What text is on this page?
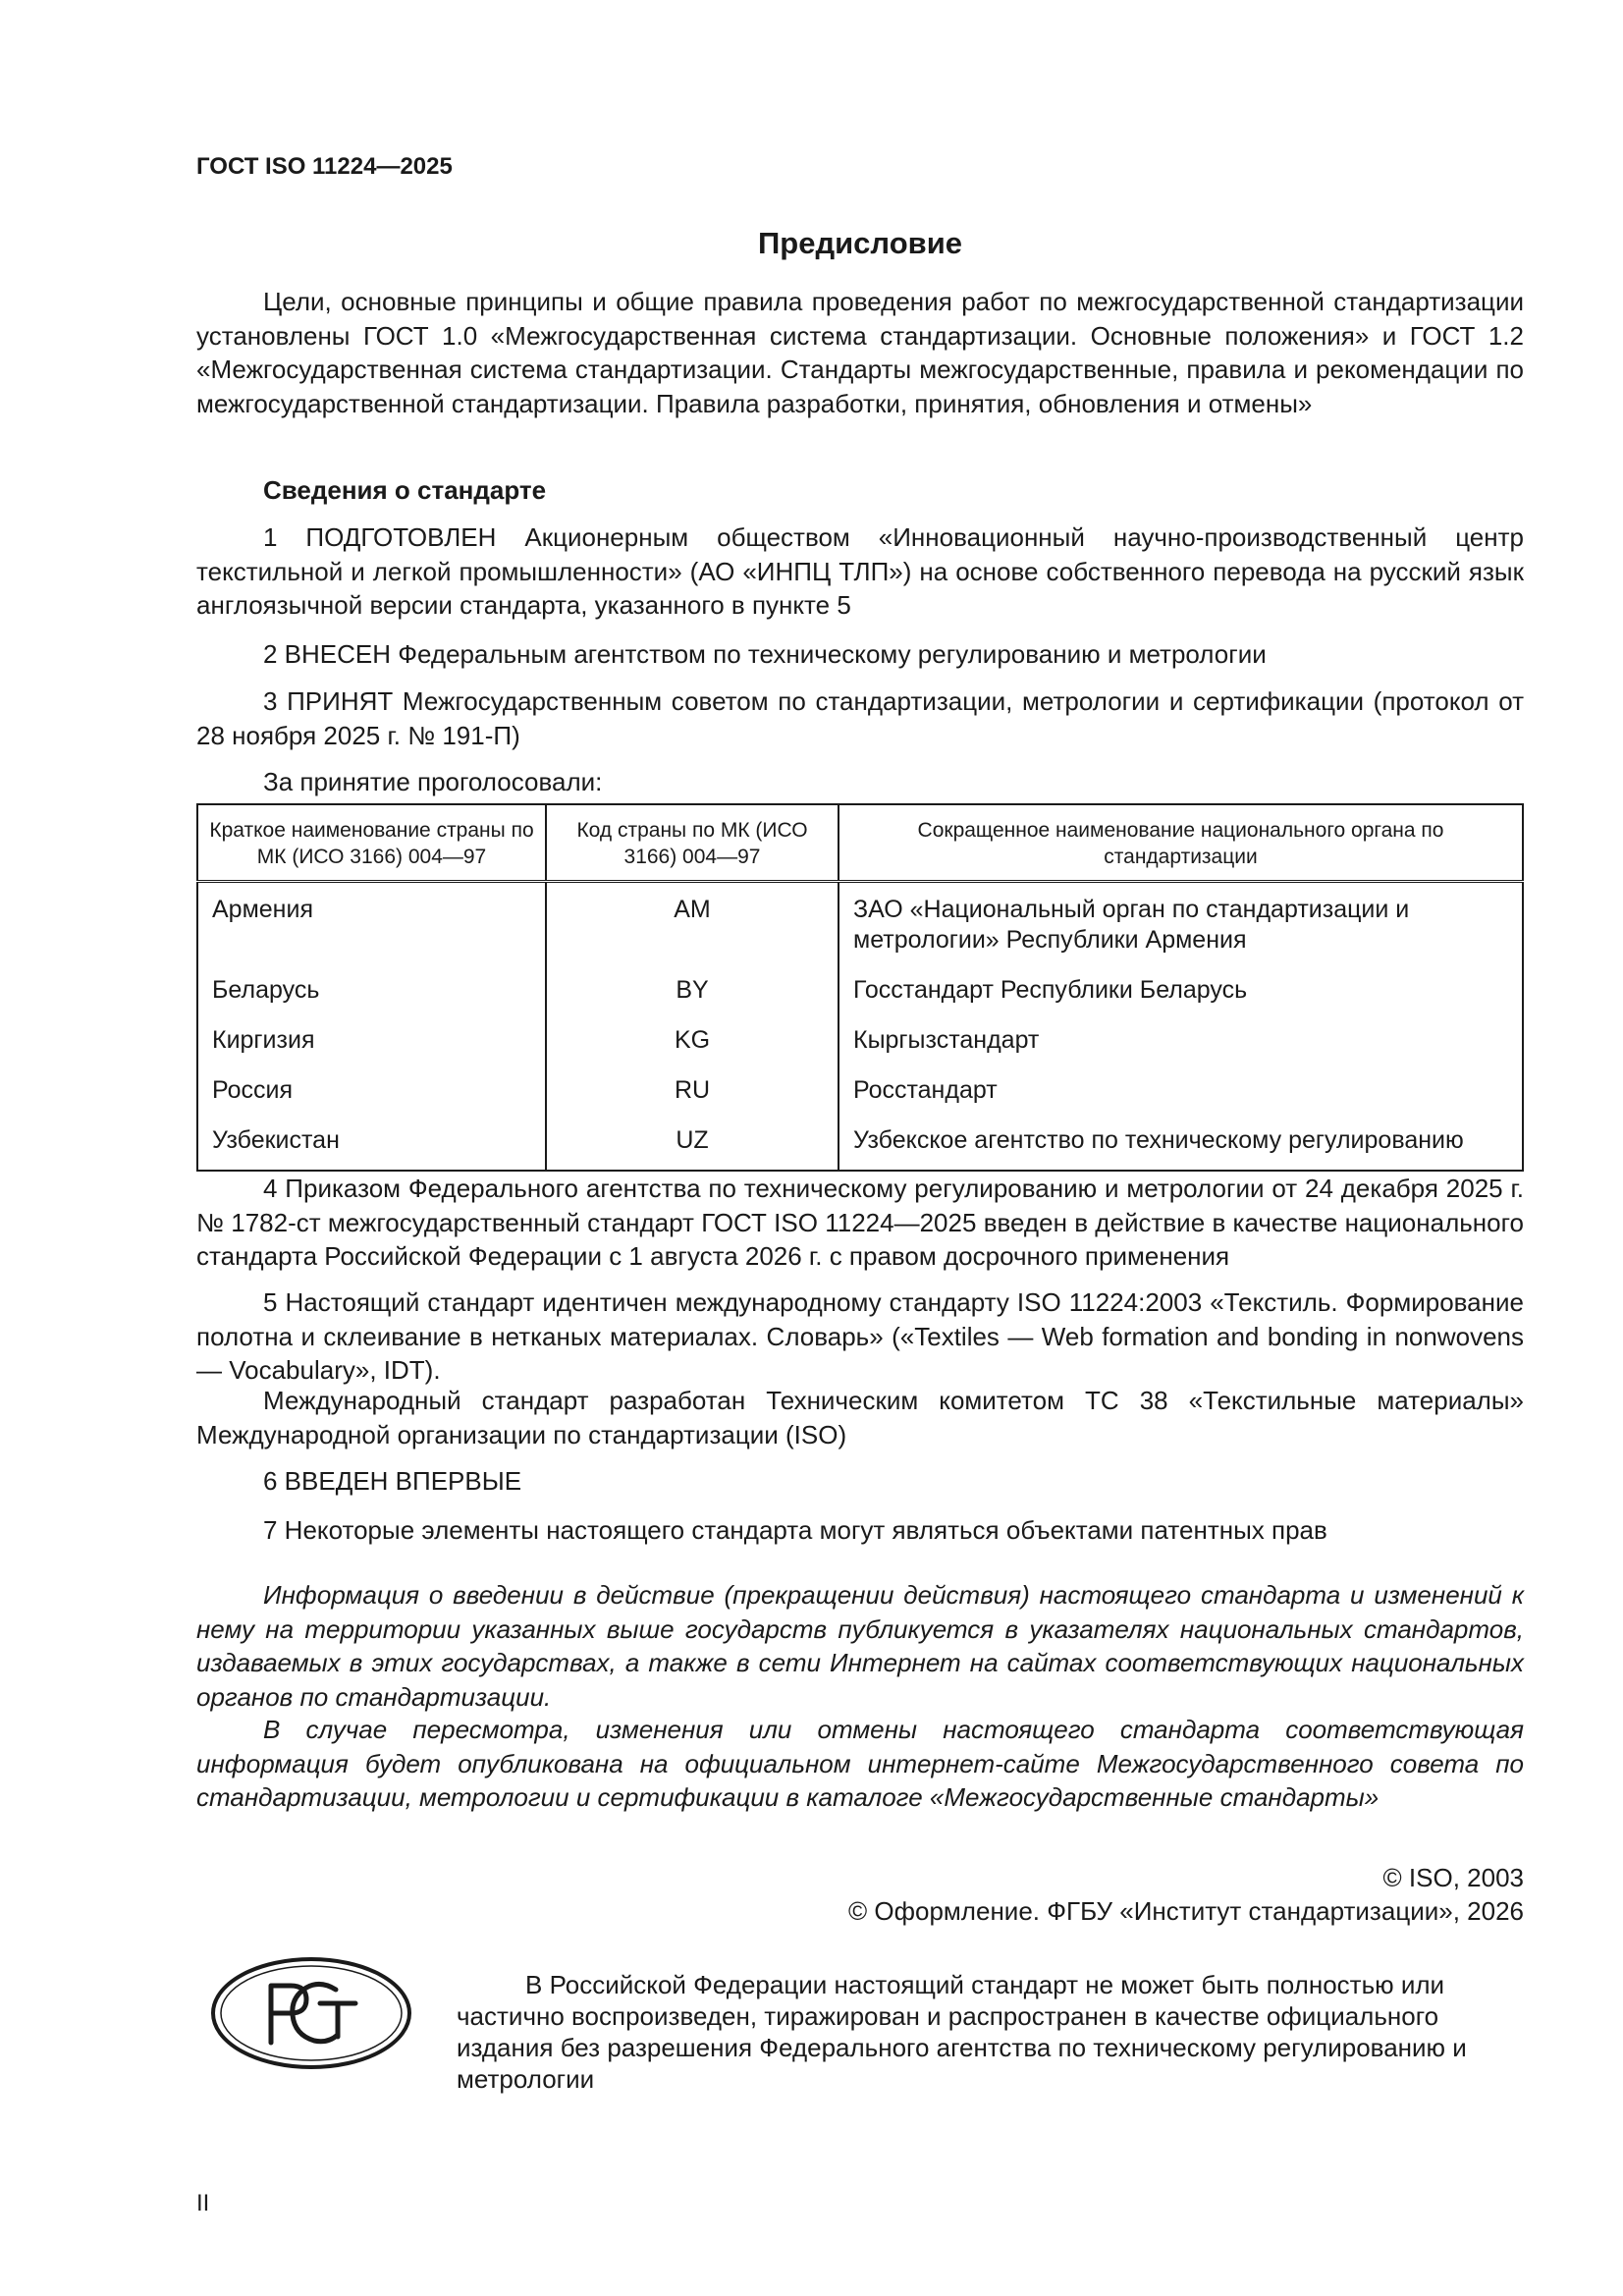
ГОСТ ISO 11224—2025
Предисловие

Цели, основные принципы и общие правила проведения работ по межгосударственной стандартизации установлены ГОСТ 1.0 «Межгосударственная система стандартизации. Основные положения» и ГОСТ 1.2 «Межгосударственная система стандартизации. Стандарты межгосударственные, правила и рекомендации по межгосударственной стандартизации. Правила разработки, принятия, обновления и отмены»

Сведения о стандарте

1 ПОДГОТОВЛЕН Акционерным обществом «Инновационный научно-производственный центр текстильной и легкой промышленности» (АО «ИНПЦ ТЛП») на основе собственного перевода на русский язык англоязычной версии стандарта, указанного в пункте 5

2 ВНЕСЕН Федеральным агентством по техническому регулированию и метрологии

3 ПРИНЯТ Межгосударственным советом по стандартизации, метрологии и сертификации (протокол от 28 ноября 2025 г. № 191-П)

За принятие проголосовали:

Краткое наименование страны по МК (ИСО 3166) 004—97	Код страны по МК (ИСО 3166) 004—97	Сокращенное наименование национального органа по стандартизации
Армения	AM	ЗАО «Национальный орган по стандартизации и метрологии» Республики Армения
Беларусь	BY	Госстандарт Республики Беларусь
Киргизия	KG	Кыргызстандарт
Россия	RU	Росстандарт
Узбекистан	UZ	Узбекское агентство по техническому регулированию

4 Приказом Федерального агентства по техническому регулированию и метрологии от 24 декабря 2025 г. № 1782-ст межгосударственный стандарт ГОСТ ISO 11224—2025 введен в действие в качестве национального стандарта Российской Федерации с 1 августа 2026 г. с правом досрочного применения

5 Настоящий стандарт идентичен международному стандарту ISO 11224:2003 «Текстиль. Формирование полотна и склеивание в нетканых материалах. Словарь» («Textiles — Web formation and bonding in nonwovens — Vocabulary», IDT).

Международный стандарт разработан Техническим комитетом ТС 38 «Текстильные материалы» Международной организации по стандартизации (ISO)

6 ВВЕДЕН ВПЕРВЫЕ

7 Некоторые элементы настоящего стандарта могут являться объектами патентных прав

Информация о введении в действие (прекращении действия) настоящего стандарта и изменений к нему на территории указанных выше государств публикуется в указателях национальных стандартов, издаваемых в этих государствах, а также в сети Интернет на сайтах соответствующих национальных органов по стандартизации.

В случае пересмотра, изменения или отмены настоящего стандарта соответствующая информация будет опубликована на официальном интернет-сайте Межгосударственного совета по стандартизации, метрологии и сертификации в каталоге «Межгосударственные стандарты»

© ISO, 2003

© Оформление. ФГБУ «Институт стандартизации», 2026

В Российской Федерации настоящий стандарт не может быть полностью или частично воспроизведен, тиражирован и распространен в качестве официального издания без разрешения Федерального агентства по техническому регулированию и метрологии

II
